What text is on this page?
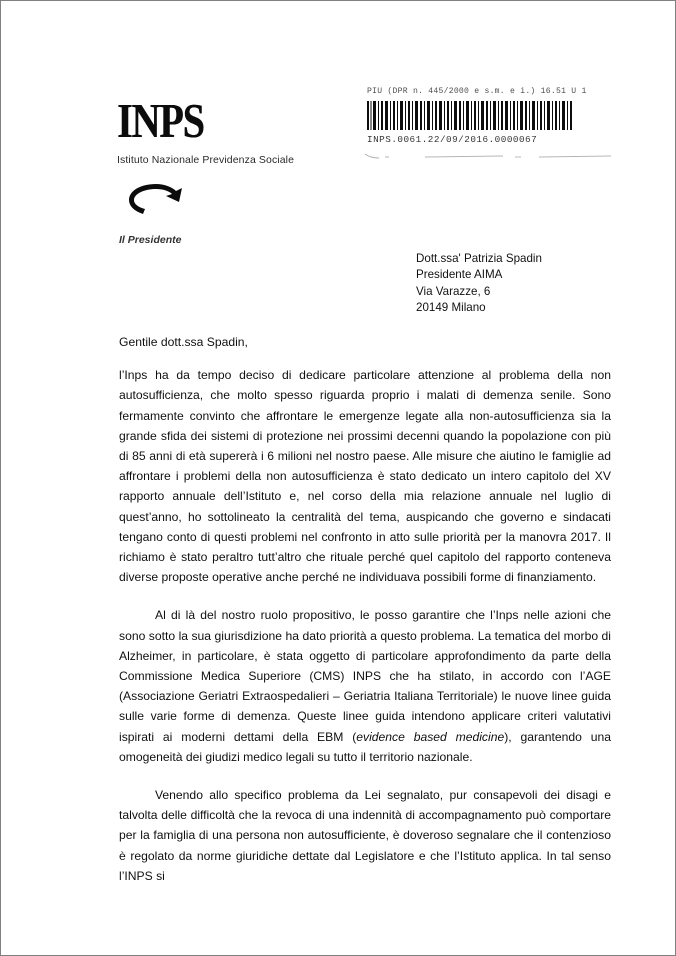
INPS
Istituto Nazionale Previdenza Sociale
Il Presidente
PIU (DPR n. 445/2000 e s.m. e i.) 16.51 U 1
INPS.0061.22/09/2016.0000067
Dott.ssa' Patrizia Spadin
Presidente AIMA
Via Varazze, 6
20149 Milano

Gentile dott.ssa Spadin,

l’Inps ha da tempo deciso di dedicare particolare attenzione al problema della non autosufficienza, che molto spesso riguarda proprio i malati di demenza senile. Sono fermamente convinto che affrontare le emergenze legate alla non-autosufficienza sia la grande sfida dei sistemi di protezione nei prossimi decenni quando la popolazione con più di 85 anni di età supererà i 6 milioni nel nostro paese. Alle misure che aiutino le famiglie ad affrontare i problemi della non autosufficienza è stato dedicato un intero capitolo del XV rapporto annuale dell’Istituto e, nel corso della mia relazione annuale nel luglio di quest’anno, ho sottolineato la centralità del tema, auspicando che governo e sindacati tengano conto di questi problemi nel confronto in atto sulle priorità per la manovra 2017. Il richiamo è stato peraltro tutt’altro che rituale perché quel capitolo del rapporto conteneva diverse proposte operative anche perché ne individuava possibili forme di finanziamento.

Al di là del nostro ruolo propositivo, le posso garantire che l’Inps nelle azioni che sono sotto la sua giurisdizione ha dato priorità a questo problema. La tematica del morbo di Alzheimer, in particolare, è stata oggetto di particolare approfondimento da parte della Commissione Medica Superiore (CMS) INPS che ha stilato, in accordo con l’AGE (Associazione Geriatri Extraospedalieri – Geriatria Italiana Territoriale) le nuove linee guida sulle varie forme di demenza. Queste linee guida intendono applicare criteri valutativi ispirati ai moderni dettami della EBM (evidence based medicine), garantendo una omogeneità dei giudizi medico legali su tutto il territorio nazionale.

Venendo allo specifico problema da Lei segnalato, pur consapevoli dei disagi e talvolta delle difficoltà che la revoca di una indennità di accompagnamento può comportare per la famiglia di una persona non autosufficiente, è doveroso segnalare che il contenzioso è regolato da norme giuridiche dettate dal Legislatore e che l’Istituto applica. In tal senso l’INPS si
